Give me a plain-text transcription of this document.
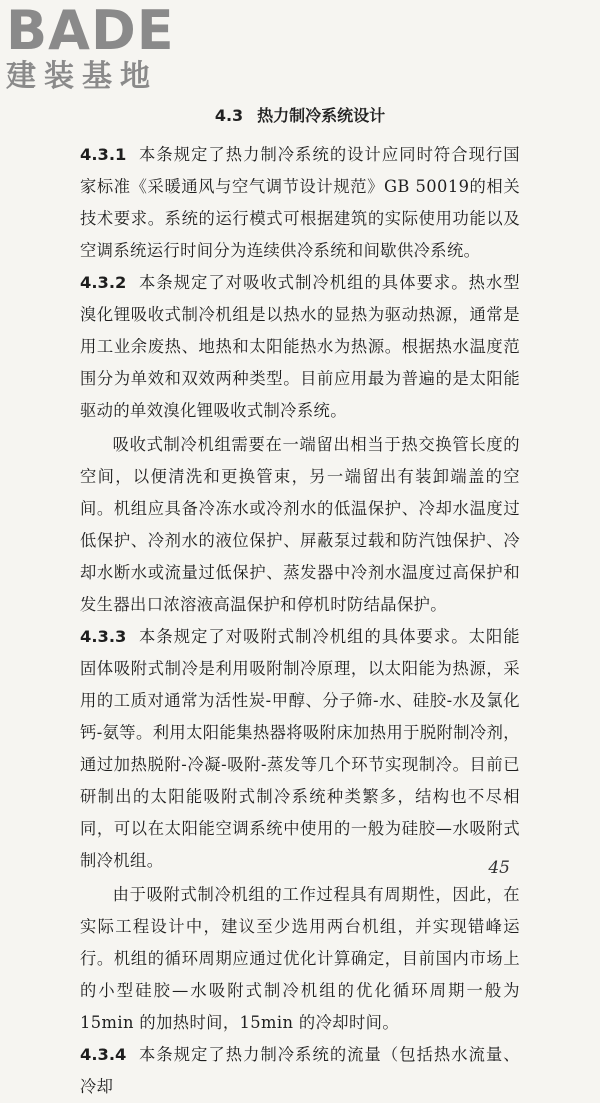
BADE
建装基地
4.3 热力制冷系统设计

4.3.1 本条规定了热力制冷系统的设计应同时符合现行国家标准《采暖通风与空气调节设计规范》GB 50019的相关技术要求。系统的运行模式可根据建筑的实际使用功能以及空调系统运行时间分为连续供冷系统和间歇供冷系统。

4.3.2 本条规定了对吸收式制冷机组的具体要求。热水型溴化锂吸收式制冷机组是以热水的显热为驱动热源，通常是用工业余废热、地热和太阳能热水为热源。根据热水温度范围分为单效和双效两种类型。目前应用最为普遍的是太阳能驱动的单效溴化锂吸收式制冷系统。

吸收式制冷机组需要在一端留出相当于热交换管长度的空间，以便清洗和更换管束，另一端留出有装卸端盖的空间。机组应具备冷冻水或冷剂水的低温保护、冷却水温度过低保护、冷剂水的液位保护、屏蔽泵过载和防汽蚀保护、冷却水断水或流量过低保护、蒸发器中冷剂水温度过高保护和发生器出口浓溶液高温保护和停机时防结晶保护。

4.3.3 本条规定了对吸附式制冷机组的具体要求。太阳能固体吸附式制冷是利用吸附制冷原理，以太阳能为热源，采用的工质对通常为活性炭-甲醇、分子筛-水、硅胶-水及氯化钙-氨等。利用太阳能集热器将吸附床加热用于脱附制冷剂，通过加热脱附-冷凝-吸附-蒸发等几个环节实现制冷。目前已研制出的太阳能吸附式制冷系统种类繁多，结构也不尽相同，可以在太阳能空调系统中使用的一般为硅胶—水吸附式制冷机组。

由于吸附式制冷机组的工作过程具有周期性，因此，在实际工程设计中，建议至少选用两台机组，并实现错峰运行。机组的循环周期应通过优化计算确定，目前国内市场上的小型硅胶—水吸附式制冷机组的优化循环周期一般为 15min 的加热时间，15min 的冷却时间。

4.3.4 本条规定了热力制冷系统的流量（包括热水流量、冷却

45
